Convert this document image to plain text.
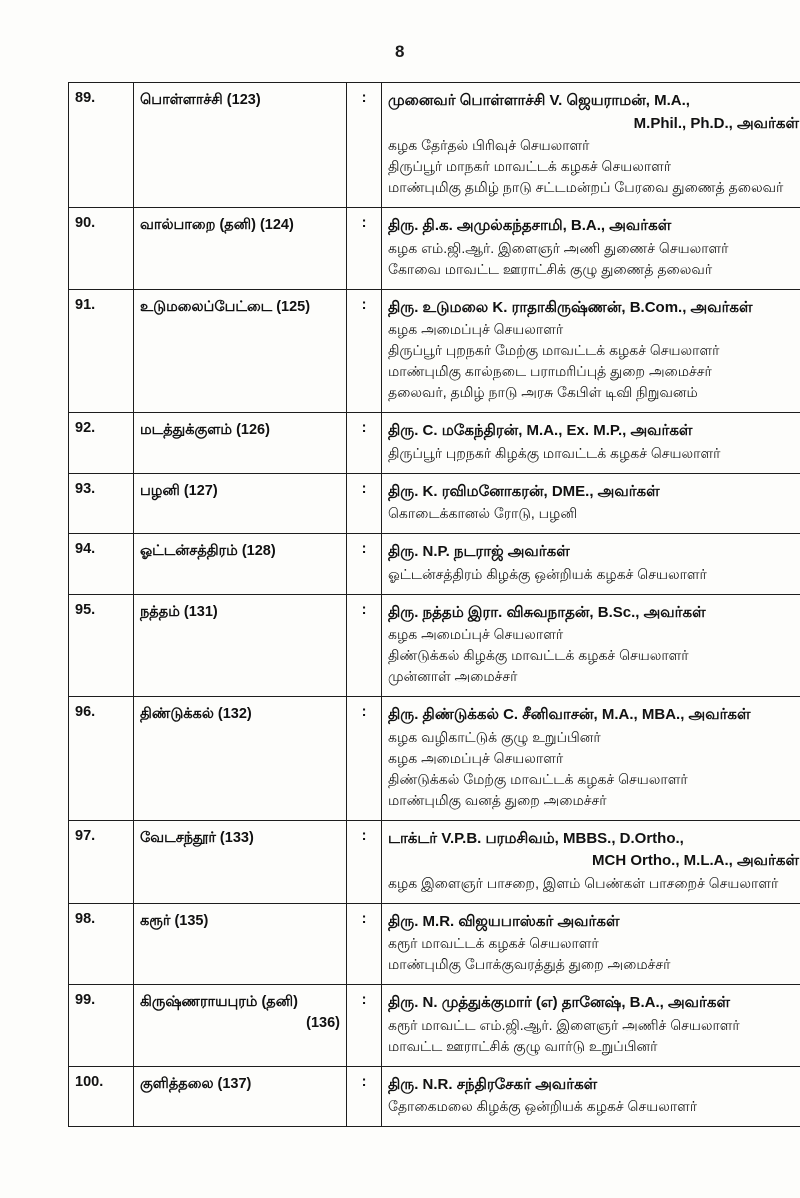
8
89.	பொள்ளாச்சி (123)	:	முனைவர் பொள்ளாச்சி V. ஜெயராமன், M.A.,
M.Phil., Ph.D., அவர்கள்
கழக தேர்தல் பிரிவுச் செயலாளர்
திருப்பூர் மாநகர் மாவட்டக் கழகச் செயலாளர்
மாண்புமிகு தமிழ் நாடு சட்டமன்றப் பேரவை துணைத் தலைவர்

90.	வால்பாறை (தனி) (124)	:	திரு. தி.க. அமுல்கந்தசாமி, B.A., அவர்கள்
கழக எம்.ஜி.ஆர். இளைஞர் அணி துணைச் செயலாளர்
கோவை மாவட்ட ஊராட்சிக் குழு துணைத் தலைவர்

91.	உடுமலைப்பேட்டை (125)	:	திரு. உடுமலை K. ராதாகிருஷ்ணன், B.Com., அவர்கள்
கழக அமைப்புச் செயலாளர்
திருப்பூர் புறநகர் மேற்கு மாவட்டக் கழகச் செயலாளர்
மாண்புமிகு கால்நடை பராமரிப்புத் துறை அமைச்சர்
தலைவர், தமிழ் நாடு அரசு கேபிள் டிவி நிறுவனம்

92.	மடத்துக்குளம் (126)	:	திரு. C. மகேந்திரன், M.A., Ex. M.P., அவர்கள்
திருப்பூர் புறநகர் கிழக்கு மாவட்டக் கழகச் செயலாளர்

93.	பழனி (127)	:	திரு. K. ரவிமனோகரன், DME., அவர்கள்
கொடைக்கானல் ரோடு, பழனி

94.	ஓட்டன்சத்திரம் (128)	:	திரு. N.P. நடராஜ் அவர்கள்
ஓட்டன்சத்திரம் கிழக்கு ஒன்றியக் கழகச் செயலாளர்

95.	நத்தம் (131)	:	திரு. நத்தம் இரா. விசுவநாதன், B.Sc., அவர்கள்
கழக அமைப்புச் செயலாளர்
திண்டுக்கல் கிழக்கு மாவட்டக் கழகச் செயலாளர்
முன்னாள் அமைச்சர்

96.	திண்டுக்கல் (132)	:	திரு. திண்டுக்கல் C. சீனிவாசன், M.A., MBA., அவர்கள்
கழக வழிகாட்டுக் குழு உறுப்பினர்
கழக அமைப்புச் செயலாளர்
திண்டுக்கல் மேற்கு மாவட்டக் கழகச் செயலாளர்
மாண்புமிகு வனத் துறை அமைச்சர்

97.	வேடசந்தூர் (133)	:	டாக்டர் V.P.B. பரமசிவம், MBBS., D.Ortho.,
MCH Ortho., M.L.A., அவர்கள்
கழக இளைஞர் பாசறை, இளம் பெண்கள் பாசறைச் செயலாளர்

98.	கரூர் (135)	:	திரு. M.R. விஜயபாஸ்கர் அவர்கள்
கரூர் மாவட்டக் கழகச் செயலாளர்
மாண்புமிகு போக்குவரத்துத் துறை அமைச்சர்

99.	கிருஷ்ணராயபுரம் (தனி)
(136)
	:	திரு. N. முத்துக்குமார் (எ) தானேஷ், B.A., அவர்கள்
கரூர் மாவட்ட எம்.ஜி.ஆர். இளைஞர் அணிச் செயலாளர்
மாவட்ட ஊராட்சிக் குழு வார்டு உறுப்பினர்

100.	குளித்தலை (137)	:	திரு. N.R. சந்திரசேகர் அவர்கள்
தோகைமலை கிழக்கு ஒன்றியக் கழகச் செயலாளர்
